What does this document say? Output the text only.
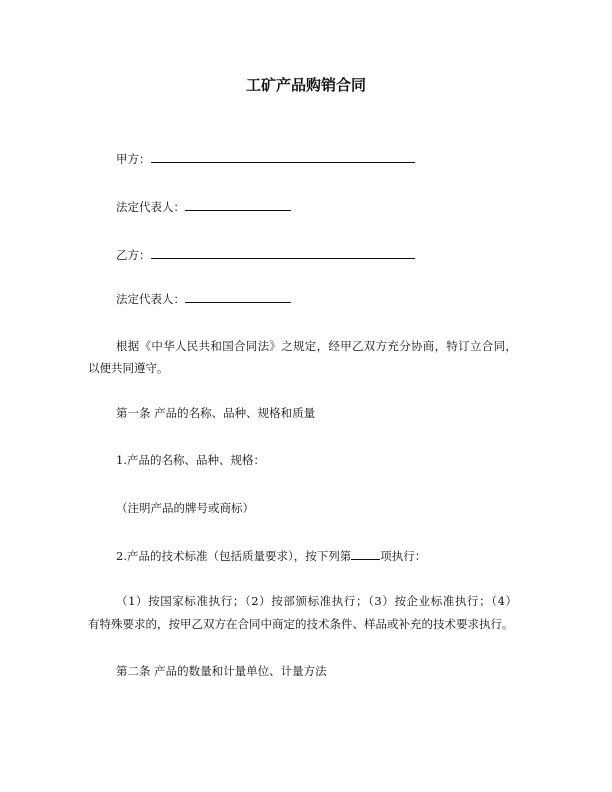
工矿产品购销合同
甲方：
法定代表人：
乙方：
法定代表人：
根据《中华人民共和国合同法》之规定，经甲乙双方充分协商，特订立合同，
以便共同遵守。
第一条 产品的名称、品种、规格和质量
1.产品的名称、品种、规格：
（注明产品的牌号或商标）
2.产品的技术标准（包括质量要求），按下列第	项执行：
（1）按国家标准执行；（2）按部颁标准执行；（3）按企业标准执行；（4）
有特殊要求的，按甲乙双方在合同中商定的技术条件、样品或补充的技术要求执行。
第二条 产品的数量和计量单位、计量方法
